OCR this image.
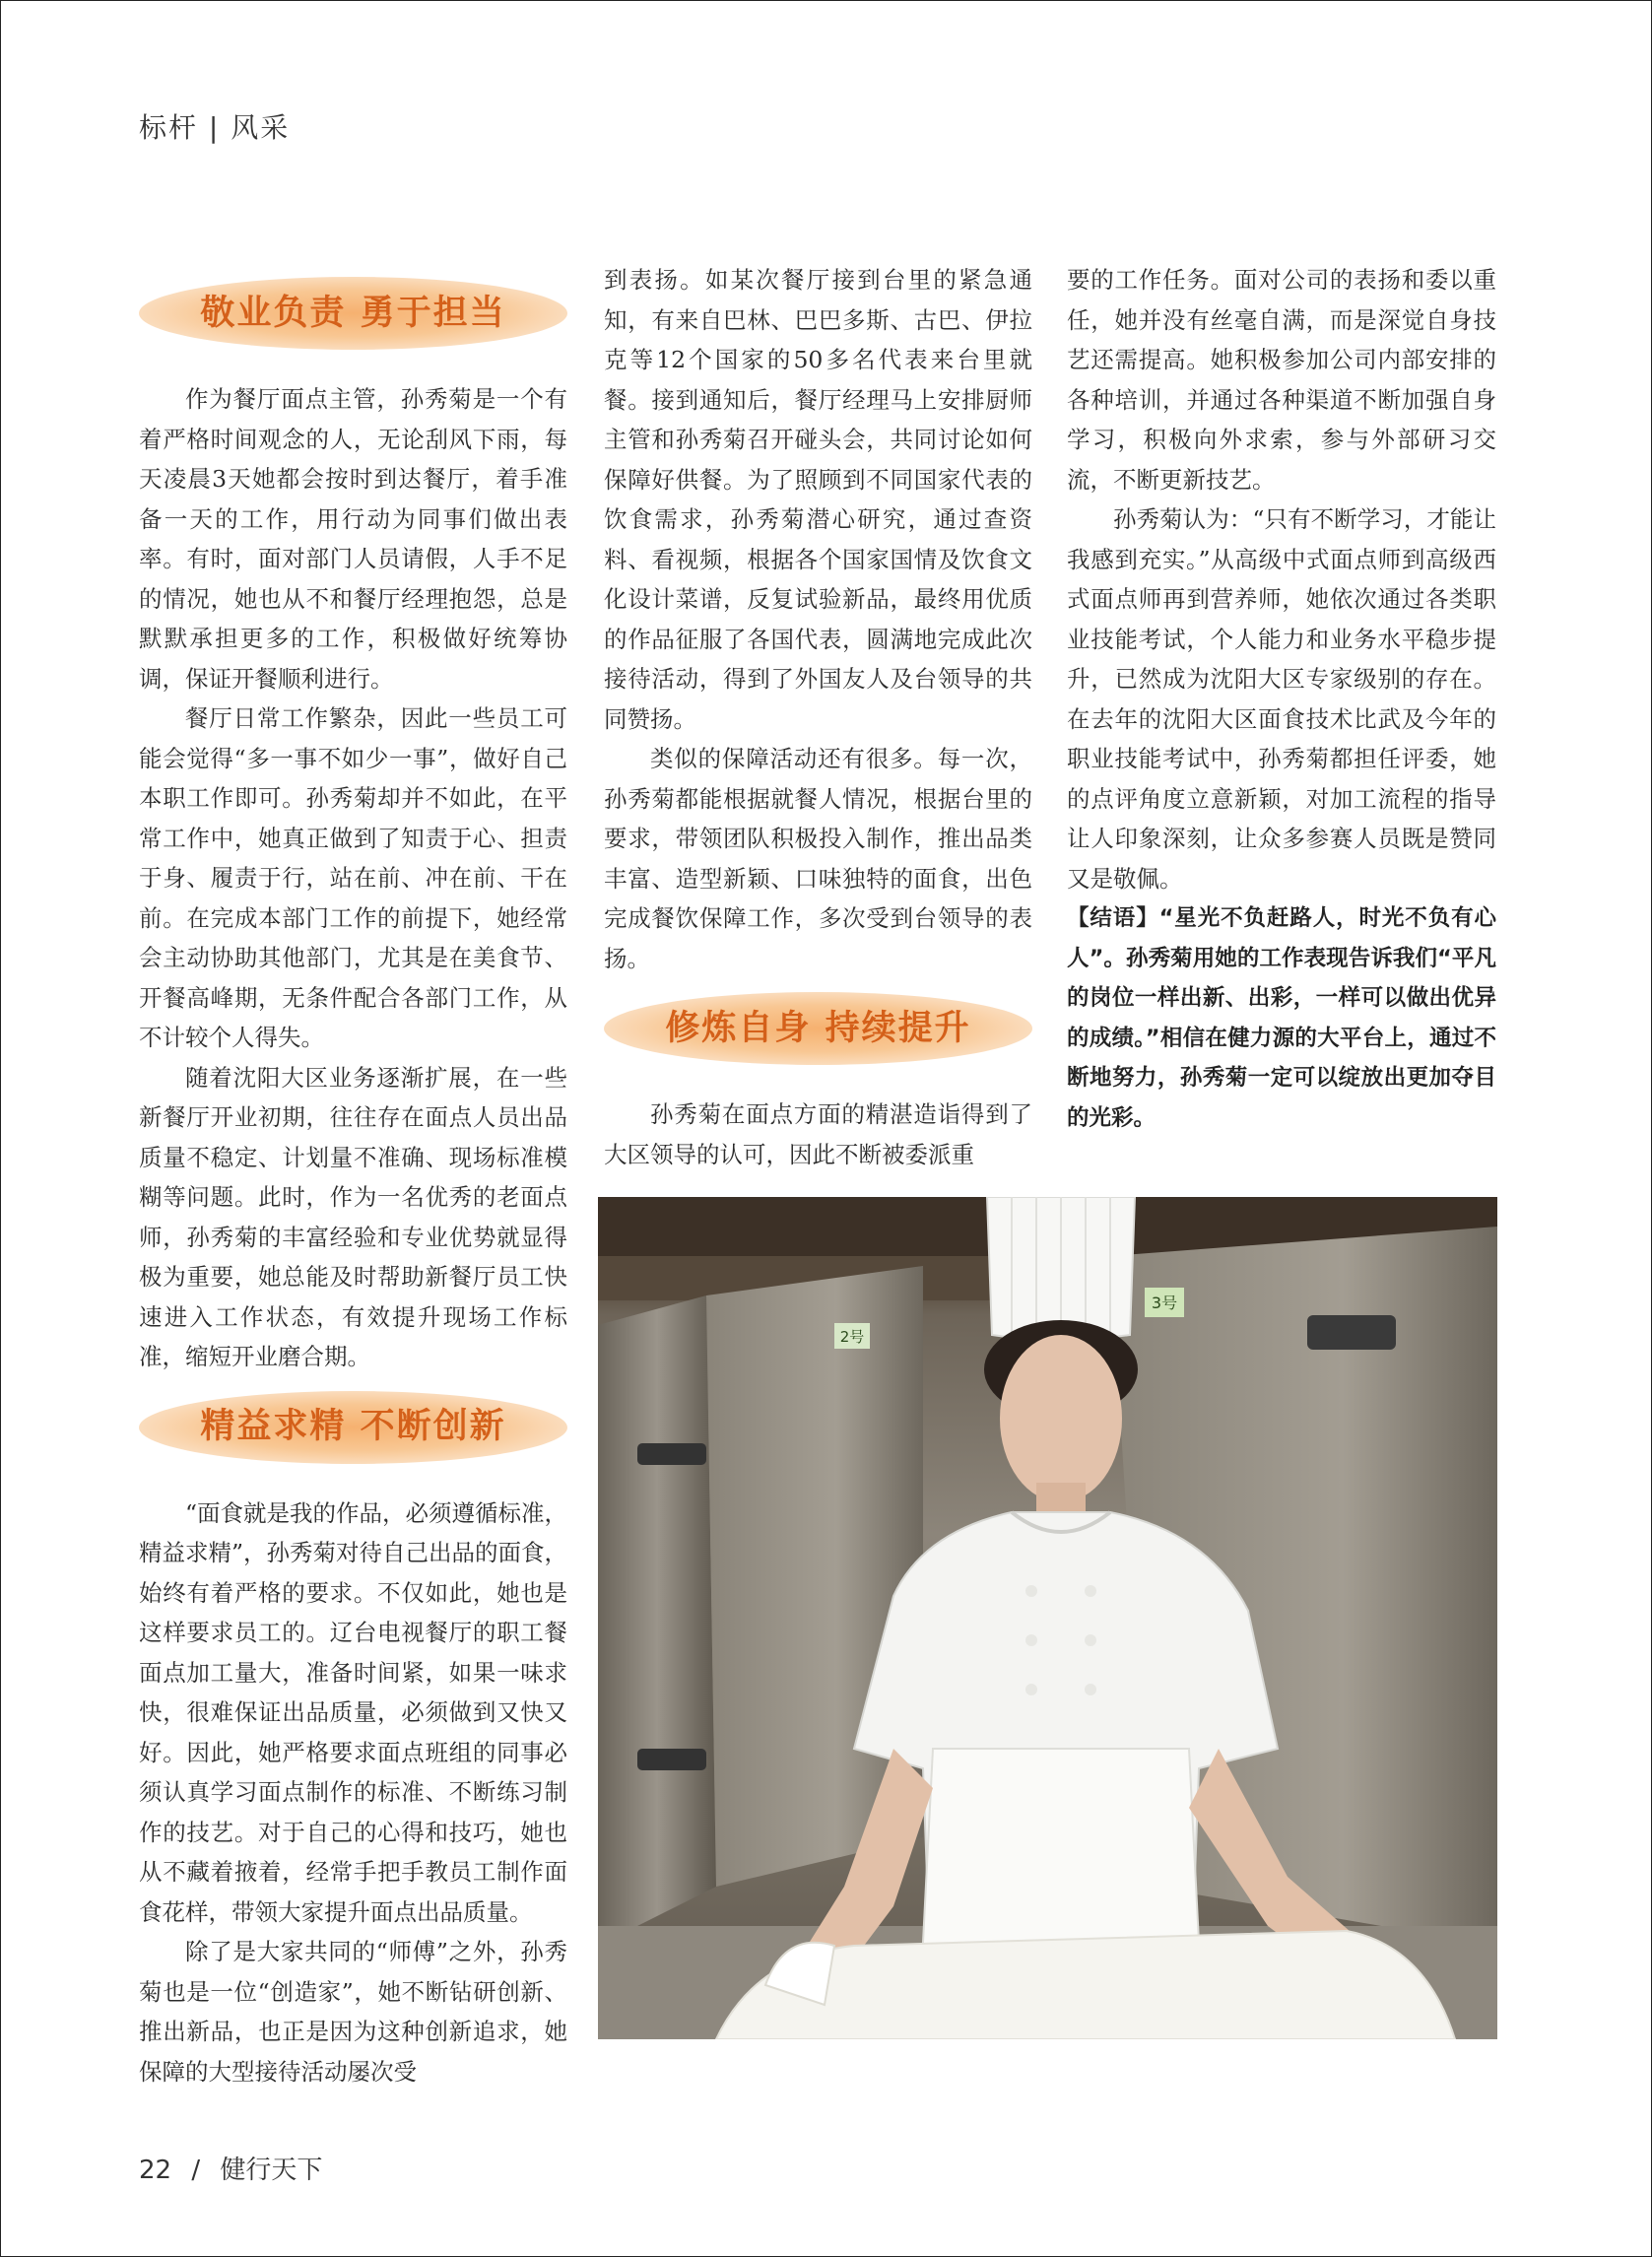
标杆 | 风采
敬业负责 勇于担当

作为餐厅面点主管，孙秀菊是一个有着严格时间观念的人，无论刮风下雨，每天凌晨3天她都会按时到达餐厅，着手准备一天的工作，用行动为同事们做出表率。有时，面对部门人员请假，人手不足的情况，她也从不和餐厅经理抱怨，总是默默承担更多的工作，积极做好统筹协调，保证开餐顺利进行。

餐厅日常工作繁杂，因此一些员工可能会觉得“多一事不如少一事”，做好自己本职工作即可。孙秀菊却并不如此，在平常工作中，她真正做到了知责于心、担责于身、履责于行，站在前、冲在前、干在前。在完成本部门工作的前提下，她经常会主动协助其他部门，尤其是在美食节、开餐高峰期，无条件配合各部门工作，从不计较个人得失。

随着沈阳大区业务逐渐扩展，在一些新餐厅开业初期，往往存在面点人员出品质量不稳定、计划量不准确、现场标准模糊等问题。此时，作为一名优秀的老面点师，孙秀菊的丰富经验和专业优势就显得极为重要，她总能及时帮助新餐厅员工快速进入工作状态，有效提升现场工作标准，缩短开业磨合期。

精益求精 不断创新

“面食就是我的作品，必须遵循标准，精益求精”，孙秀菊对待自己出品的面食，始终有着严格的要求。不仅如此，她也是这样要求员工的。辽台电视餐厅的职工餐面点加工量大，准备时间紧，如果一味求快，很难保证出品质量，必须做到又快又好。因此，她严格要求面点班组的同事必须认真学习面点制作的标准、不断练习制作的技艺。对于自己的心得和技巧，她也从不藏着掖着，经常手把手教员工制作面食花样，带领大家提升面点出品质量。

除了是大家共同的“师傅”之外，孙秀菊也是一位“创造家”，她不断钻研创新、推出新品，也正是因为这种创新追求，她保障的大型接待活动屡次受

到表扬。如某次餐厅接到台里的紧急通知，有来自巴林、巴巴多斯、古巴、伊拉克等12个国家的50多名代表来台里就餐。接到通知后，餐厅经理马上安排厨师主管和孙秀菊召开碰头会，共同讨论如何保障好供餐。为了照顾到不同国家代表的饮食需求，孙秀菊潜心研究，通过查资料、看视频，根据各个国家国情及饮食文化设计菜谱，反复试验新品，最终用优质的作品征服了各国代表，圆满地完成此次接待活动，得到了外国友人及台领导的共同赞扬。

类似的保障活动还有很多。每一次，孙秀菊都能根据就餐人情况，根据台里的要求，带领团队积极投入制作，推出品类丰富、造型新颖、口味独特的面食，出色完成餐饮保障工作，多次受到台领导的表扬。

修炼自身 持续提升

孙秀菊在面点方面的精湛造诣得到了大区领导的认可，因此不断被委派重

要的工作任务。面对公司的表扬和委以重任，她并没有丝毫自满，而是深觉自身技艺还需提高。她积极参加公司内部安排的各种培训，并通过各种渠道不断加强自身学习，积极向外求索，参与外部研习交流，不断更新技艺。

孙秀菊认为：“只有不断学习，才能让我感到充实。”从高级中式面点师到高级西式面点师再到营养师，她依次通过各类职业技能考试，个人能力和业务水平稳步提升，已然成为沈阳大区专家级别的存在。在去年的沈阳大区面食技术比武及今年的职业技能考试中，孙秀菊都担任评委，她的点评角度立意新颖，对加工流程的指导让人印象深刻，让众多参赛人员既是赞同又是敬佩。

【结语】“星光不负赶路人，时光不负有心人”。孙秀菊用她的工作表现告诉我们“平凡的岗位一样出新、出彩，一样可以做出优异的成绩。”相信在健力源的大平台上，通过不断地努力，孙秀菊一定可以绽放出更加夺目的光彩。

2号
3号
22 / 健行天下
